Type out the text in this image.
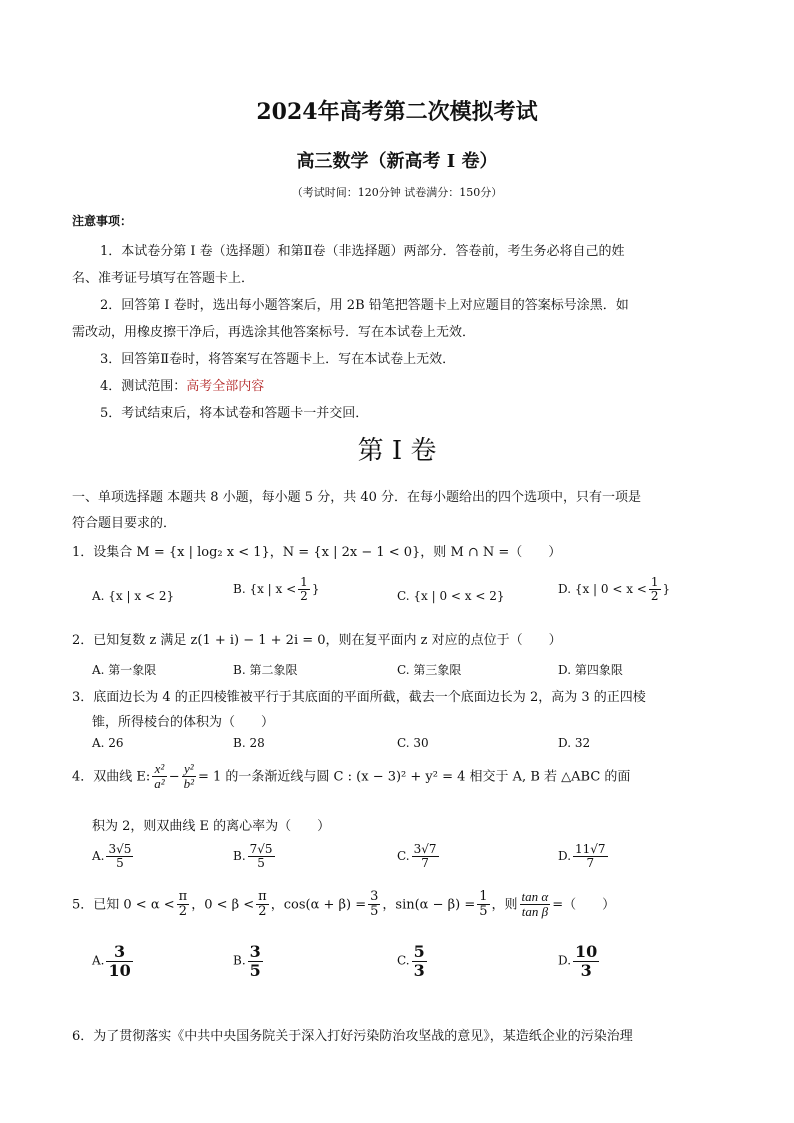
2024年高考第二次模拟考试
高三数学（新高考 I 卷）
（考试时间：120分钟 试卷满分：150分）
注意事项：
1．本试卷分第 I 卷（选择题）和第Ⅱ卷（非选择题）两部分．答卷前，考生务必将自己的姓
名、准考证号填写在答题卡上．
2．回答第 I 卷时，选出每小题答案后，用 2B 铅笔把答题卡上对应题目的答案标号涂黑．如
需改动，用橡皮擦干净后，再选涂其他答案标号．写在本试卷上无效．
3．回答第Ⅱ卷时，将答案写在答题卡上．写在本试卷上无效．
4．测试范围：高考全部内容
5．考试结束后，将本试卷和答题卡一并交回．
第 I 卷
一、单项选择题 本题共 8 小题，每小题 5 分，共 40 分．在每小题给出的四个选项中，只有一项是
符合题目要求的．
1．设集合 M = {x | log₂ x < 1}，N = {x | 2x − 1 < 0}，则 M ∩ N =（　　）
A. {x | x < 2}	B. {x | $x < \frac{1}{2}$ }	C. {x | 0 < x < 2}	D. {x | $0 < x < \frac{1}{2}$ }
2．已知复数 z 满足 z(1 + i) − 1 + 2i = 0，则在复平面内 z 对应的点位于（　　）
A. 第一象限	B. 第二象限	C. 第三象限	D. 第四象限
3．底面边长为 4 的正四棱锥被平行于其底面的平面所截，截去一个底面边长为 2，高为 3 的正四棱
锥，所得棱台的体积为（　　）
A. 26	B. 28	C. 30	D. 32
4．双曲线 E: $\frac{\text{x²}}{\text{a²}} - \frac{\text{y²}}{\text{b²}} = 1$ 的一条渐近线与圆 C : (x − 3)² + y² = 4 相交于 A, B 若 △ABC 的面
积为 2，则双曲线 E 的离心率为（　　）
A. $\frac{3√5}{5}$	B. $\frac{7√5}{5}$	C. $\frac{3√7}{7}$	D. $\frac{11√7}{7}$
5．已知 $0 < \alpha < \frac{\pi}{2}$ ，$0 < \beta < \frac{\pi}{2}$ ，$\cos(\alpha + \beta) = \frac{3}{5}$ ，$\sin(\alpha - \beta) = \frac{1}{5}$ ，则 $\frac{\text{tan α}}{\text{tan β}}$ =（　　）
A. $\frac{3}{10}$	B. $\frac{3}{5}$	C. $\frac{5}{3}$	D. $\frac{10}{3}$
6．为了贯彻落实《中共中央国务院关于深入打好污染防治攻坚战的意见》，某造纸企业的污染治理
